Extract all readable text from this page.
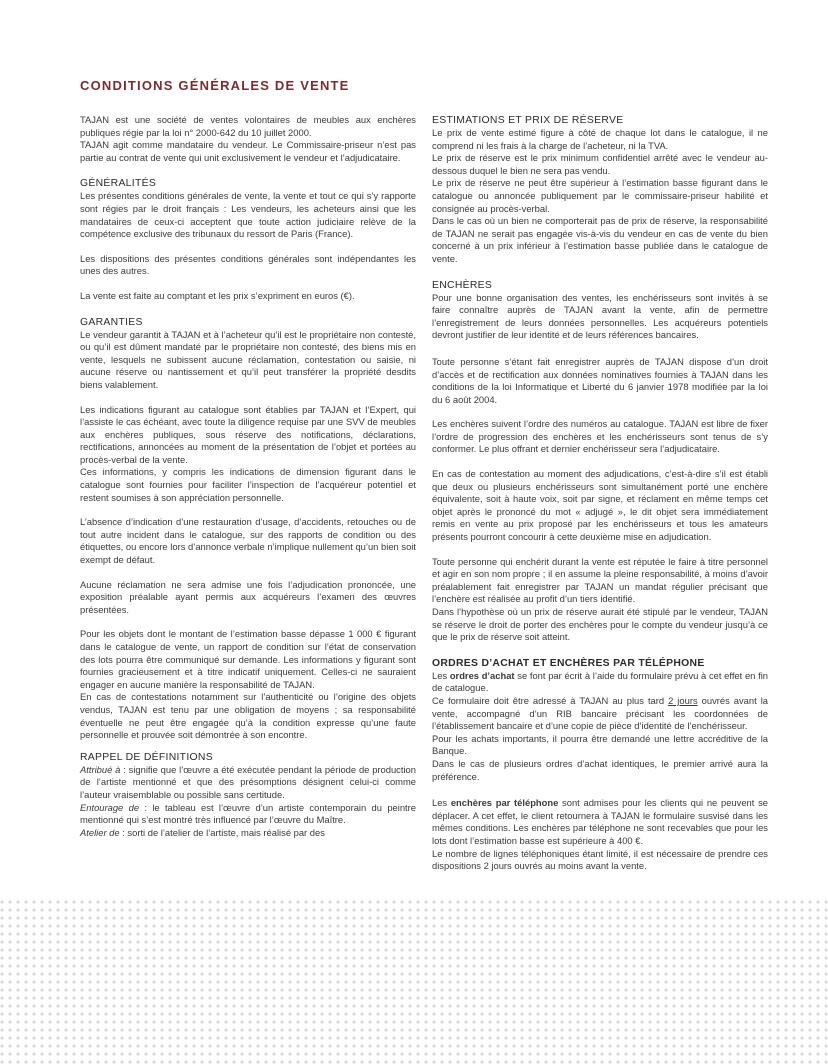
CONDITIONS GÉNÉRALES DE VENTE

TAJAN est une société de ventes volontaires de meubles aux enchères publiques régie par la loi n° 2000-642 du 10 juillet 2000.

TAJAN agit comme mandataire du vendeur. Le Commissaire-priseur n’est pas partie au contrat de vente qui unit exclusivement le vendeur et l’adjudicataire.

GÉNÉRALITÉS

Les présentes conditions générales de vente, la vente et tout ce qui s’y rapporte sont régies par le droit français : Les vendeurs, les acheteurs ainsi que les mandataires de ceux-ci acceptent que toute action judiciaire relève de la compétence exclusive des tribunaux du ressort de Paris (France).

Les dispositions des présentes conditions générales sont indépendantes les unes des autres.

La vente est faite au comptant et les prix s’expriment en euros (€).

GARANTIES

Le vendeur garantit à TAJAN et à l’acheteur qu’il est le propriétaire non contesté, ou qu’il est dûment mandaté par le propriétaire non contesté, des biens mis en vente, lesquels ne subissent aucune réclamation, contestation ou saisie, ni aucune réserve ou nantissement et qu’il peut transférer la propriété desdits biens valablement.

Les indications figurant au catalogue sont établies par TAJAN et l’Expert, qui l’assiste le cas échéant, avec toute la diligence requise par une SVV de meubles aux enchères publiques, sous réserve des notifications, déclarations, rectifications, annoncées au moment de la présentation de l’objet et portées au procès-verbal de la vente.

Ces informations, y compris les indications de dimension figurant dans le catalogue sont fournies pour faciliter l’inspection de l’acquéreur potentiel et restent soumises à son appréciation personnelle.

L’absence d’indication d’une restauration d’usage, d’accidents, retouches ou de tout autre incident dans le catalogue, sur des rapports de condition ou des étiquettes, ou encore lors d’annonce verbale n’implique nullement qu’un bien soit exempt de défaut.

Aucune réclamation ne sera admise une fois l’adjudication prononcée, une exposition préalable ayant permis aux acquéreurs l’examen des œuvres présentées.

Pour les objets dont le montant de l’estimation basse dépasse 1 000 € figurant dans le catalogue de vente, un rapport de condition sur l’état de conservation des lots pourra être communiqué sur demande. Les informations y figurant sont fournies gracieusement et à titre indicatif uniquement. Celles-ci ne sauraient engager en aucune manière la responsabilité de TAJAN.

En cas de contestations notamment sur l’authenticité ou l’origine des objets vendus, TAJAN est tenu par une obligation de moyens ; sa responsabilité éventuelle ne peut être engagée qu’à la condition expresse qu’une faute personnelle et prouvée soit démontrée à son encontre.

RAPPEL DE DÉFINITIONS

Attribué à : signifie que l’œuvre a été exécutée pendant la période de production de l’artiste mentionné et que des présomptions désignent celui-ci comme l’auteur vraisemblable ou possible sans certitude.

Entourage de : le tableau est l’œuvre d’un artiste contemporain du peintre mentionné qui s’est montré très influencé par l’œuvre du Maître.

Atelier de : sorti de l’atelier de l’artiste, mais réalisé par des

ESTIMATIONS ET PRIX DE RÉSERVE

Le prix de vente estimé figure à côté de chaque lot dans le catalogue, il ne comprend ni les frais à la charge de l’acheteur, ni la TVA.

Le prix de réserve est le prix minimum confidentiel arrêté avec le vendeur au-dessous duquel le bien ne sera pas vendu.

Le prix de réserve ne peut être supérieur à l’estimation basse figurant dans le catalogue ou annoncée publiquement par le commissaire-priseur habilité et consignée au procès-verbal.

Dans le cas où un bien ne comporterait pas de prix de réserve, la responsabilité de TAJAN ne serait pas engagée vis-à-vis du vendeur en cas de vente du bien concerné à un prix inférieur à l’estimation basse publiée dans le catalogue de vente.

ENCHÈRES

Pour une bonne organisation des ventes, les enchérisseurs sont invités à se faire connaître auprès de TAJAN avant la vente, afin de permettre l’enregistrement de leurs données personnelles. Les acquéreurs potentiels devront justifier de leur identité et de leurs références bancaires.

Toute personne s’étant fait enregistrer auprès de TAJAN dispose d’un droit d’accès et de rectification aux données nominatives fournies à TAJAN dans les conditions de la loi Informatique et Liberté du 6 janvier 1978 modifiée par la loi du 6 août 2004.

Les enchères suivent l’ordre des numéros au catalogue. TAJAN est libre de fixer l’ordre de progression des enchères et les enchérisseurs sont tenus de s’y conformer. Le plus offrant et dernier enchérisseur sera l’adjudicataire.

En cas de contestation au moment des adjudications, c’est-à-dire s’il est établi que deux ou plusieurs enchérisseurs sont simultanément porté une enchère équivalente, soit à haute voix, soit par signe, et réclament en même temps cet objet après le prononcé du mot « adjugé », le dit objet sera immédiatement remis en vente au prix proposé par les enchérisseurs et tous les amateurs présents pourront concourir à cette deuxième mise en adjudication.

Toute personne qui enchérit durant la vente est réputée le faire à titre personnel et agir en son nom propre ; il en assume la pleine responsabilité, à moins d’avoir préalablement fait enregistrer par TAJAN un mandat régulier précisant que l’enchère est réalisée au profit d’un tiers identifié.

Dans l’hypothèse où un prix de réserve aurait été stipulé par le vendeur, TAJAN se réserve le droit de porter des enchères pour le compte du vendeur jusqu’à ce que le prix de réserve soit atteint.

ORDRES D’ACHAT ET ENCHÈRES PAR TÉLÉPHONE

Les ordres d’achat se font par écrit à l’aide du formulaire prévu à cet effet en fin de catalogue.

Ce formulaire doit être adressé à TAJAN au plus tard 2 jours ouvrés avant la vente, accompagné d’un RIB bancaire précisant les coordonnées de l’établissement bancaire et d’une copie de pièce d’identité de l’enchérisseur.

Pour les achats importants, il pourra être demandé une lettre accréditive de la Banque.

Dans le cas de plusieurs ordres d’achat identiques, le premier arrivé aura la préférence.

Les enchères par téléphone sont admises pour les clients qui ne peuvent se déplacer. A cet effet, le client retournera à TAJAN le formulaire susvisé dans les mêmes conditions. Les enchères par téléphone ne sont recevables que pour les lots dont l’estimation basse est supérieure à 400 €.

Le nombre de lignes téléphoniques étant limité, il est nécessaire de prendre ces dispositions 2 jours ouvrés au moins avant la vente.
